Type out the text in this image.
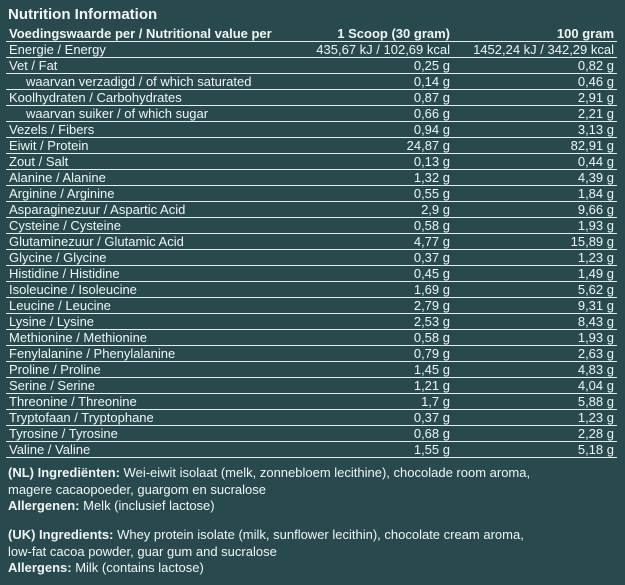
Nutrition Information
Voedingswaarde per / Nutritional value per	1 Scoop (30 gram)	100 gram
Energie / Energy	435,67 kJ / 102,69 kcal	1452,24 kJ / 342,29 kcal
Vet / Fat	0,25 g	0,82 g
waarvan verzadigd / of which saturated	0,14 g	0,46 g
Koolhydraten / Carbohydrates	0,87 g	2,91 g
waarvan suiker / of which sugar	0,66 g	2,21 g
Vezels / Fibers	0,94 g	3,13 g
Eiwit / Protein	24,87 g	82,91 g
Zout / Salt	0,13 g	0,44 g
Alanine / Alanine	1,32 g	4,39 g
Arginine / Arginine	0,55 g	1,84 g
Asparaginezuur / Aspartic Acid	2,9 g	9,66 g
Cysteine / Cysteine	0,58 g	1,93 g
Glutaminezuur / Glutamic Acid	4,77 g	15,89 g
Glycine / Glycine	0,37 g	1,23 g
Histidine / Histidine	0,45 g	1,49 g
Isoleucine / Isoleucine	1,69 g	5,62 g
Leucine / Leucine	2,79 g	9,31 g
Lysine / Lysine	2,53 g	8,43 g
Methionine / Methionine	0,58 g	1,93 g
Fenylalanine / Phenylalanine	0,79 g	2,63 g
Proline / Proline	1,45 g	4,83 g
Serine / Serine	1,21 g	4,04 g
Threonine / Threonine	1,7 g	5,88 g
Tryptofaan / Tryptophane	0,37 g	1,23 g
Tyrosine / Tyrosine	0,68 g	2,28 g
Valine / Valine	1,55 g	5,18 g

(NL) Ingrediënten: Wei-eiwit isolaat (melk, zonnebloem lecithine), chocolade room aroma,

magere cacaopoeder, guargom en sucralose

Allergenen: Melk (inclusief lactose)

(UK) Ingredients: Whey protein isolate (milk, sunflower lecithin), chocolate cream aroma,

low-fat cacoa powder, guar gum and sucralose

Allergens: Milk (contains lactose)
